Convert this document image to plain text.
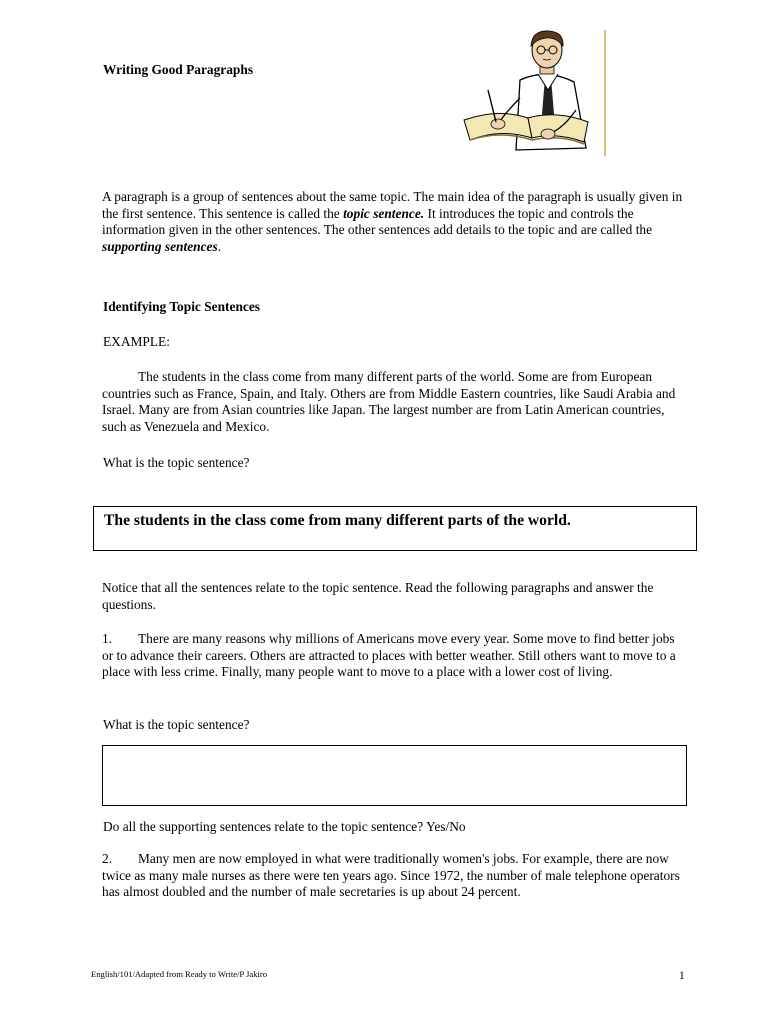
Writing Good Paragraphs
A paragraph is a group of sentences about the same topic. The main idea of the paragraph is usually given in the first sentence. This sentence is called the topic sentence. It introduces the topic and controls the information given in the other sentences. The other sentences add details to the topic and are called the supporting sentences.
Identifying Topic Sentences
EXAMPLE:
The students in the class come from many different parts of the world. Some are from European countries such as France, Spain, and Italy. Others are from Middle Eastern countries, like Saudi Arabia and Israel. Many are from Asian countries like Japan. The largest number are from Latin American countries, such as Venezuela and Mexico.
What is the topic sentence?
The students in the class come from many different parts of the world.
Notice that all the sentences relate to the topic sentence. Read the following paragraphs and answer the questions.
1. There are many reasons why millions of Americans move every year. Some move to find better jobs or to advance their careers. Others are attracted to places with better weather. Still others want to move to a place with less crime. Finally, many people want to move to a place with a lower cost of living.
What is the topic sentence?
Do all the supporting sentences relate to the topic sentence? Yes/No
2. Many men are now employed in what were traditionally women's jobs. For example, there are now twice as many male nurses as there were ten years ago. Since 1972, the number of male telephone operators has almost doubled and the number of male secretaries is up about 24 percent.
English/101/Adapted from Ready to Write/P Jakiro	1
